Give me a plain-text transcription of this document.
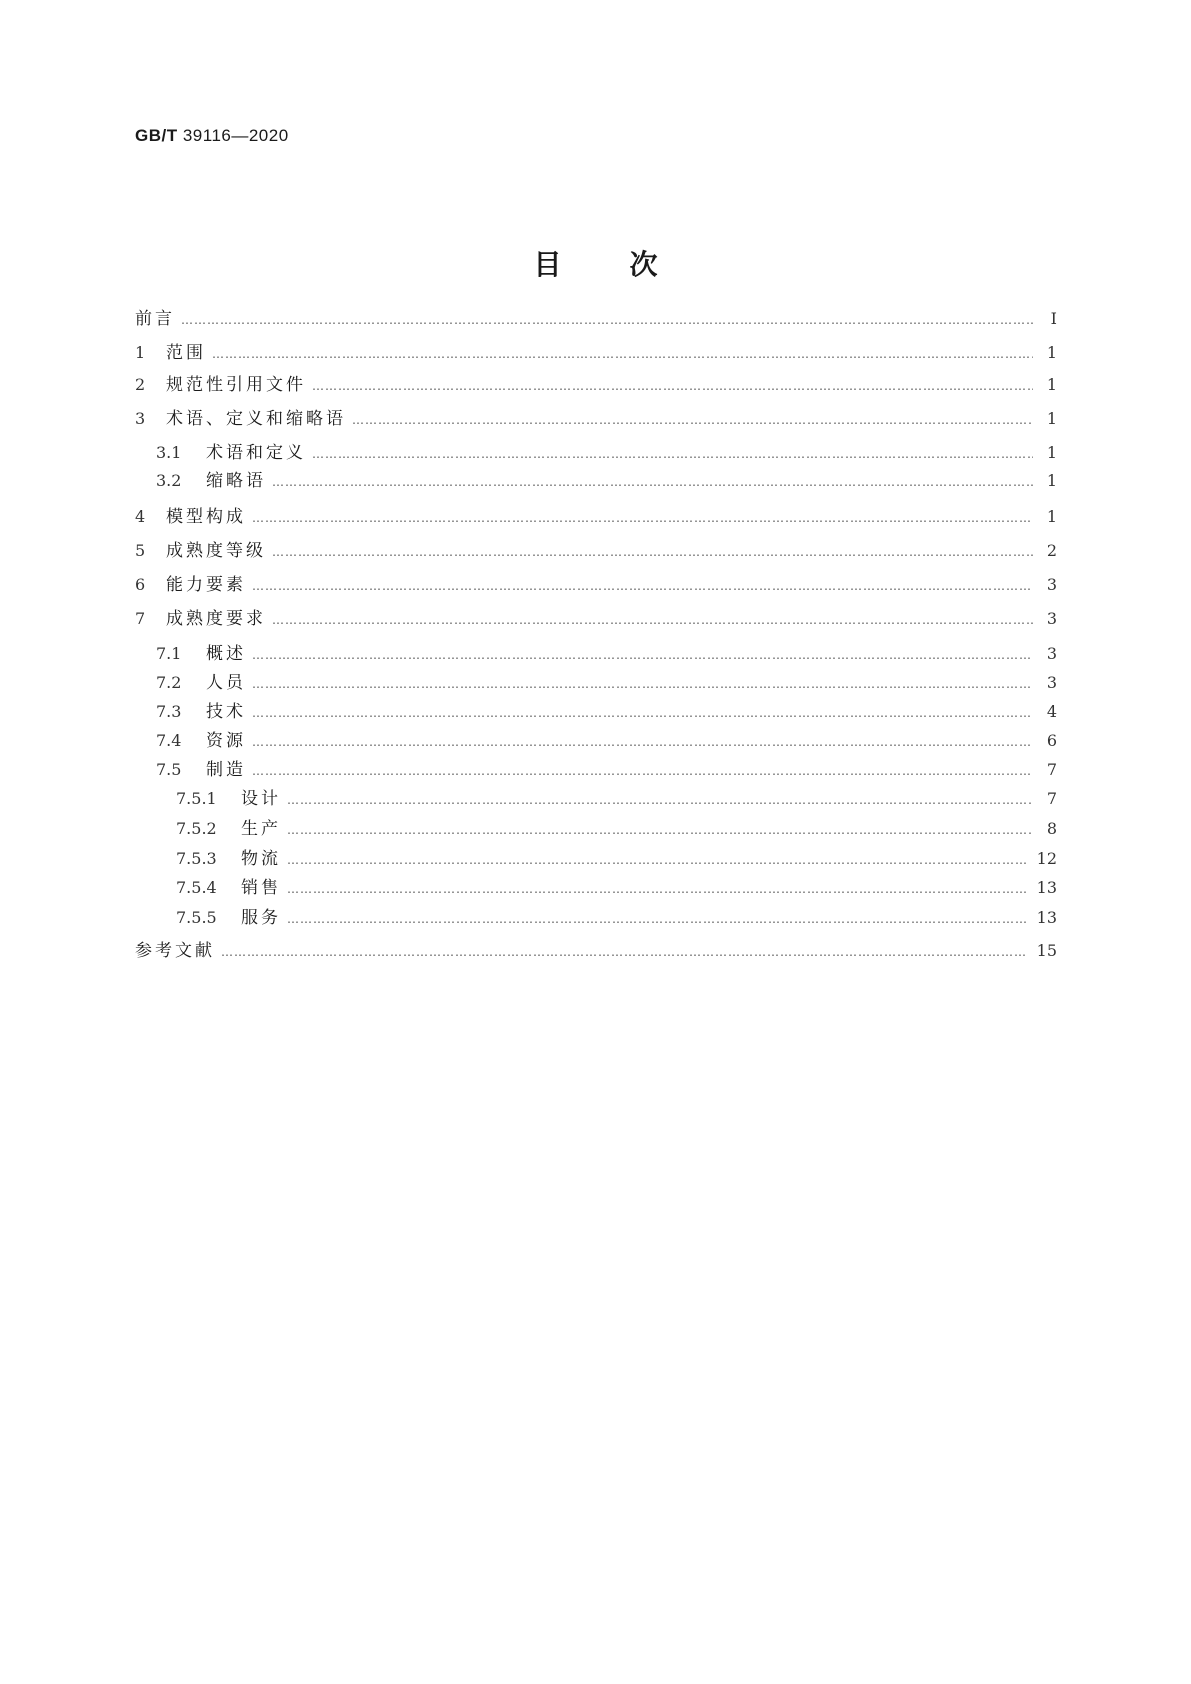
GB/T 39116—2020
目次
前言 …………………………………………………………………………………………………………………………………………………………………………………………………………………………………………………………………………	Ⅰ
1	范围 …………………………………………………………………………………………………………………………………………………………………………………………………………………………………………………………………………	1
2	规范性引用文件 …………………………………………………………………………………………………………………………………………………………………………………………………………………………………………………………………………	1
3	术语、定义和缩略语 …………………………………………………………………………………………………………………………………………………………………………………………………………………………………………………………………………	1
3.1	术语和定义 …………………………………………………………………………………………………………………………………………………………………………………………………………………………………………………………………………	1
3.2	缩略语 …………………………………………………………………………………………………………………………………………………………………………………………………………………………………………………………………………	1
4	模型构成 …………………………………………………………………………………………………………………………………………………………………………………………………………………………………………………………………………	1
5	成熟度等级 …………………………………………………………………………………………………………………………………………………………………………………………………………………………………………………………………………	2
6	能力要素 …………………………………………………………………………………………………………………………………………………………………………………………………………………………………………………………………………	3
7	成熟度要求 …………………………………………………………………………………………………………………………………………………………………………………………………………………………………………………………………………	3
7.1	概述 …………………………………………………………………………………………………………………………………………………………………………………………………………………………………………………………………………	3
7.2	人员 …………………………………………………………………………………………………………………………………………………………………………………………………………………………………………………………………………	3
7.3	技术 …………………………………………………………………………………………………………………………………………………………………………………………………………………………………………………………………………	4
7.4	资源 …………………………………………………………………………………………………………………………………………………………………………………………………………………………………………………………………………	6
7.5	制造 …………………………………………………………………………………………………………………………………………………………………………………………………………………………………………………………………………	7
7.5.1	设计 …………………………………………………………………………………………………………………………………………………………………………………………………………………………………………………………………………	7
7.5.2	生产 …………………………………………………………………………………………………………………………………………………………………………………………………………………………………………………………………………	8
7.5.3	物流 …………………………………………………………………………………………………………………………………………………………………………………………………………………………………………………………………………	12
7.5.4	销售 …………………………………………………………………………………………………………………………………………………………………………………………………………………………………………………………………………	13
7.5.5	服务 …………………………………………………………………………………………………………………………………………………………………………………………………………………………………………………………………………	13
参考文献 …………………………………………………………………………………………………………………………………………………………………………………………………………………………………………………………………………	15
